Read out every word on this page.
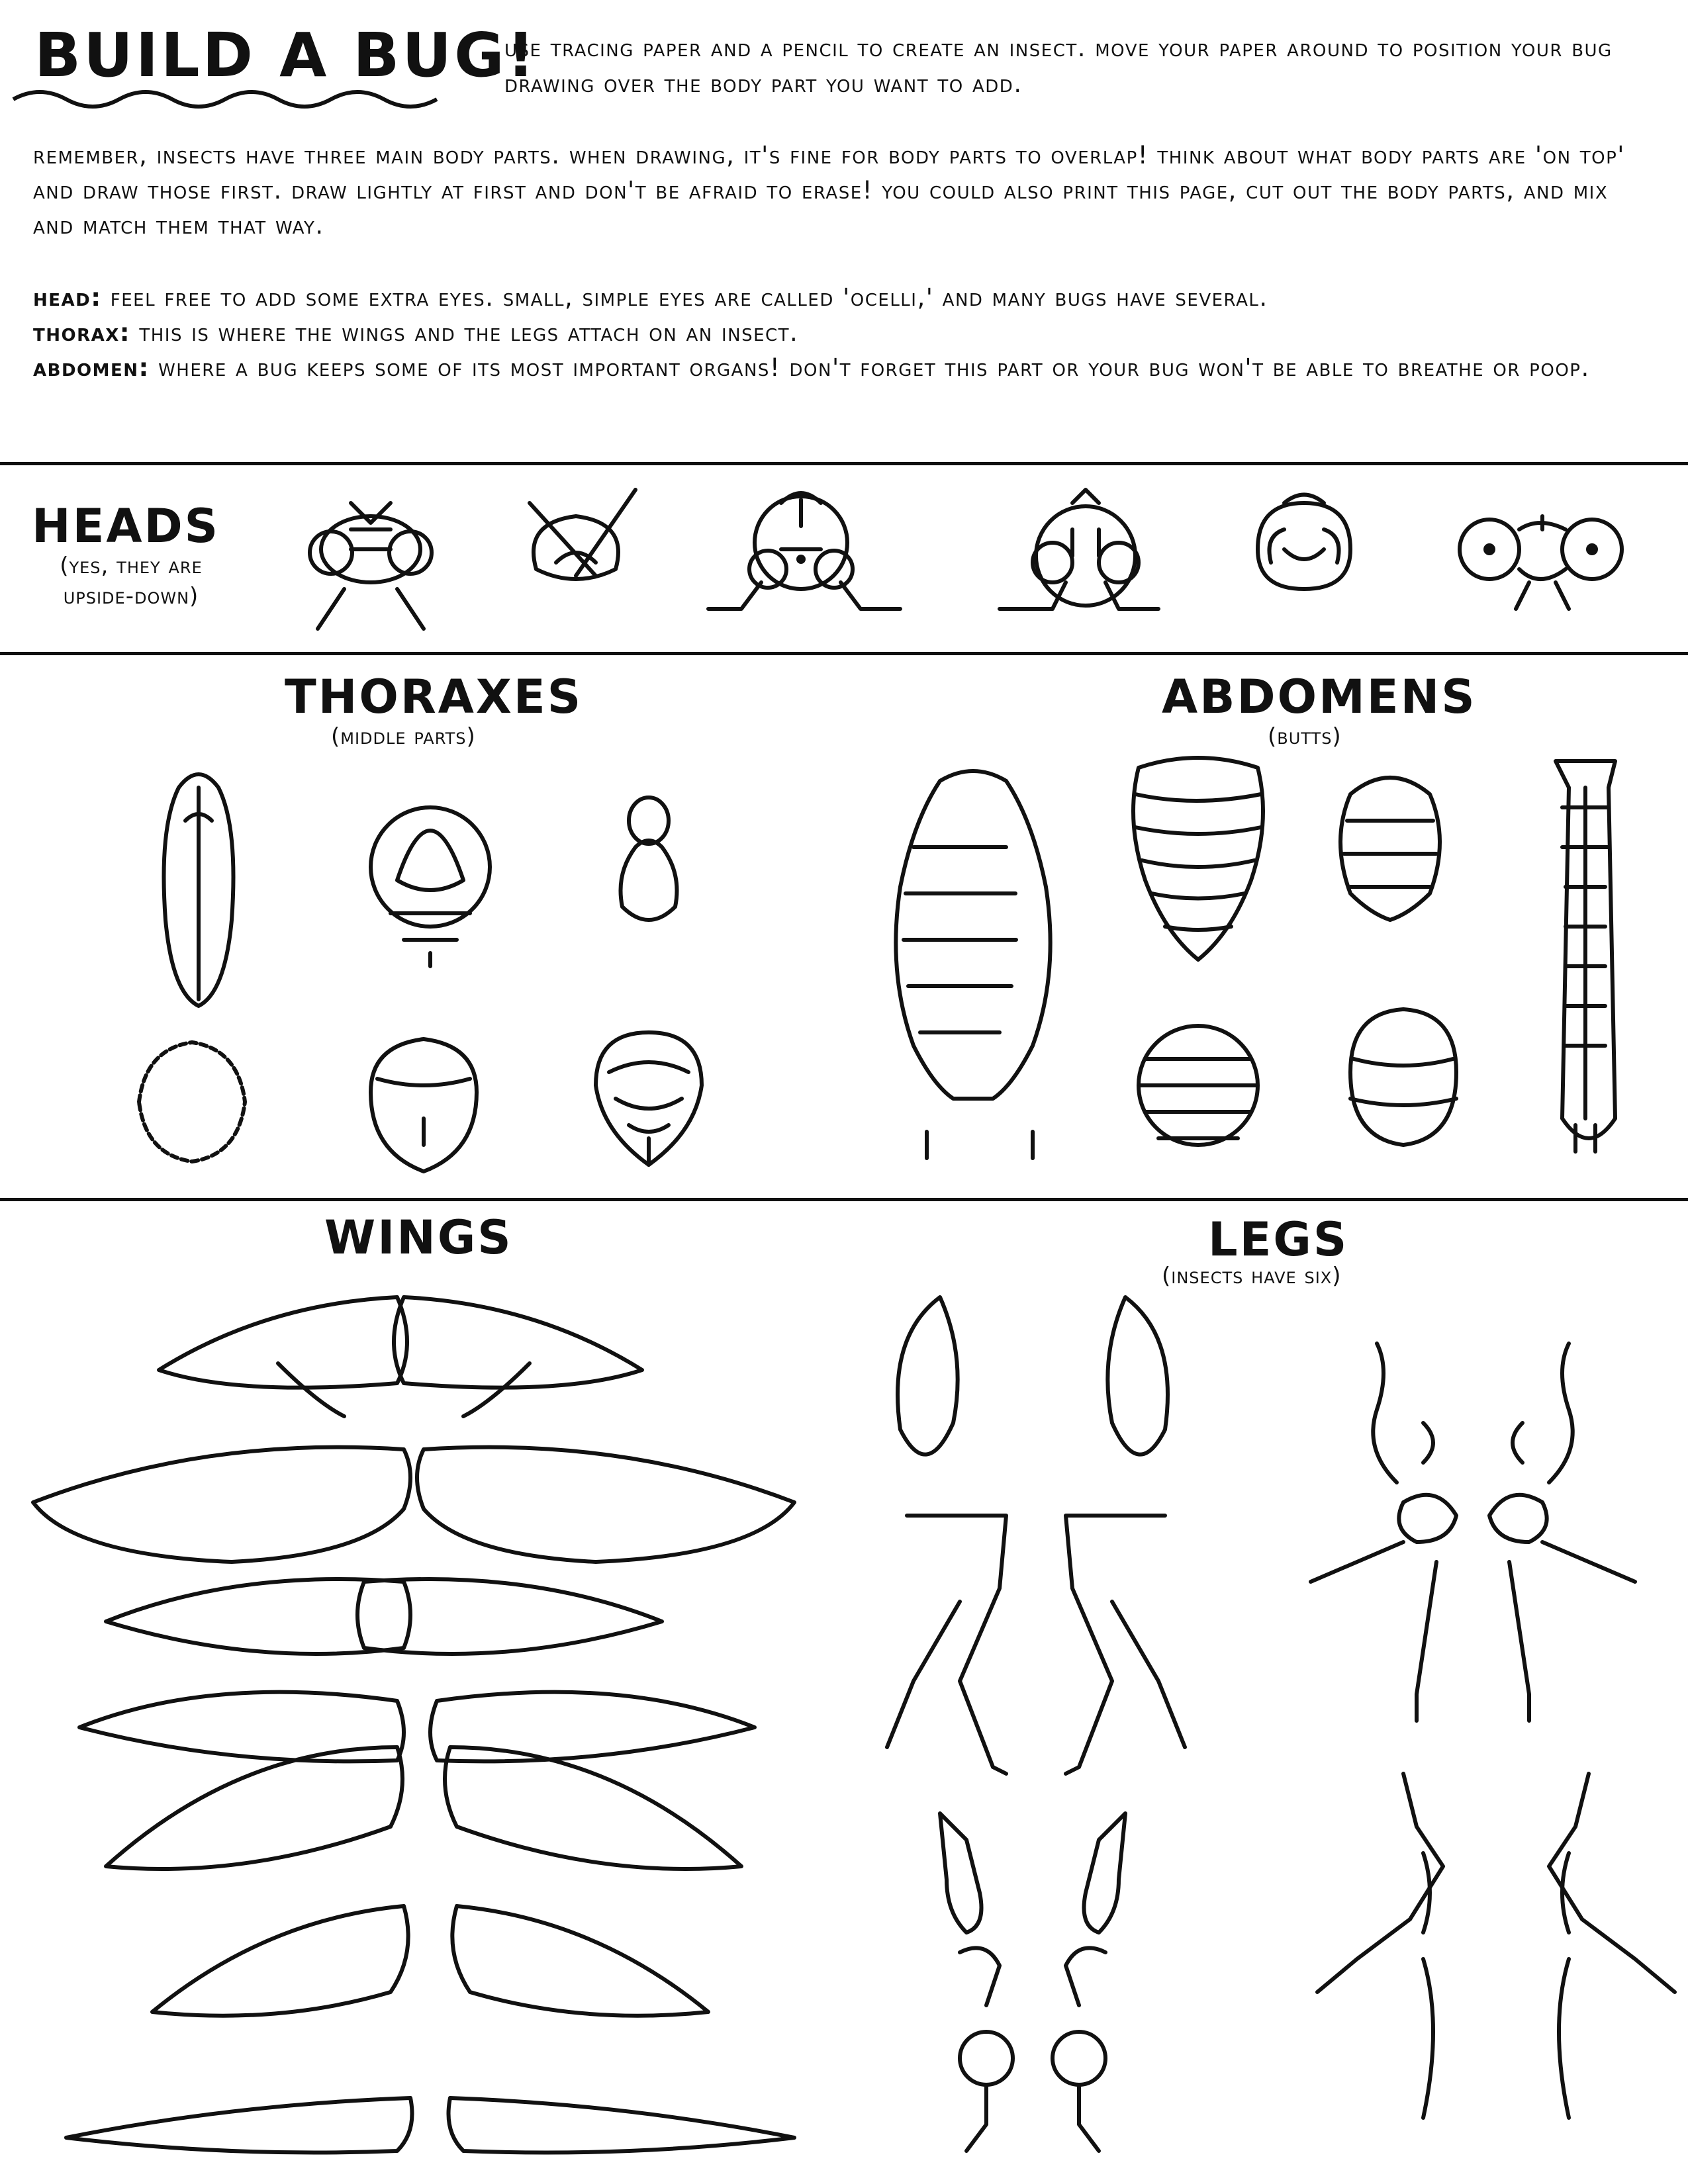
BUILD A BUG!
use tracing paper and a pencil to create an insect. move your paper around to position your bug drawing over the body part you want to add.
remember, insects have three main body parts. when drawing, it's fine for body parts to overlap! think about what body parts are 'on top' and draw those first. draw lightly at first and don't be afraid to erase! you could also print this page, cut out the body parts, and mix and match them that way.
head: feel free to add some extra eyes. small, simple eyes are called 'ocelli,' and many bugs have several.
thorax: this is where the wings and the legs attach on an insect.
abdomen: where a bug keeps some of its most important organs! don't forget this part or your bug won't be able to breathe or poop.
HEADS
(yes, they are upside-down)
THORAXES
(middle parts)
ABDOMENS
(butts)
WINGS	LEGS
(insects have six)
